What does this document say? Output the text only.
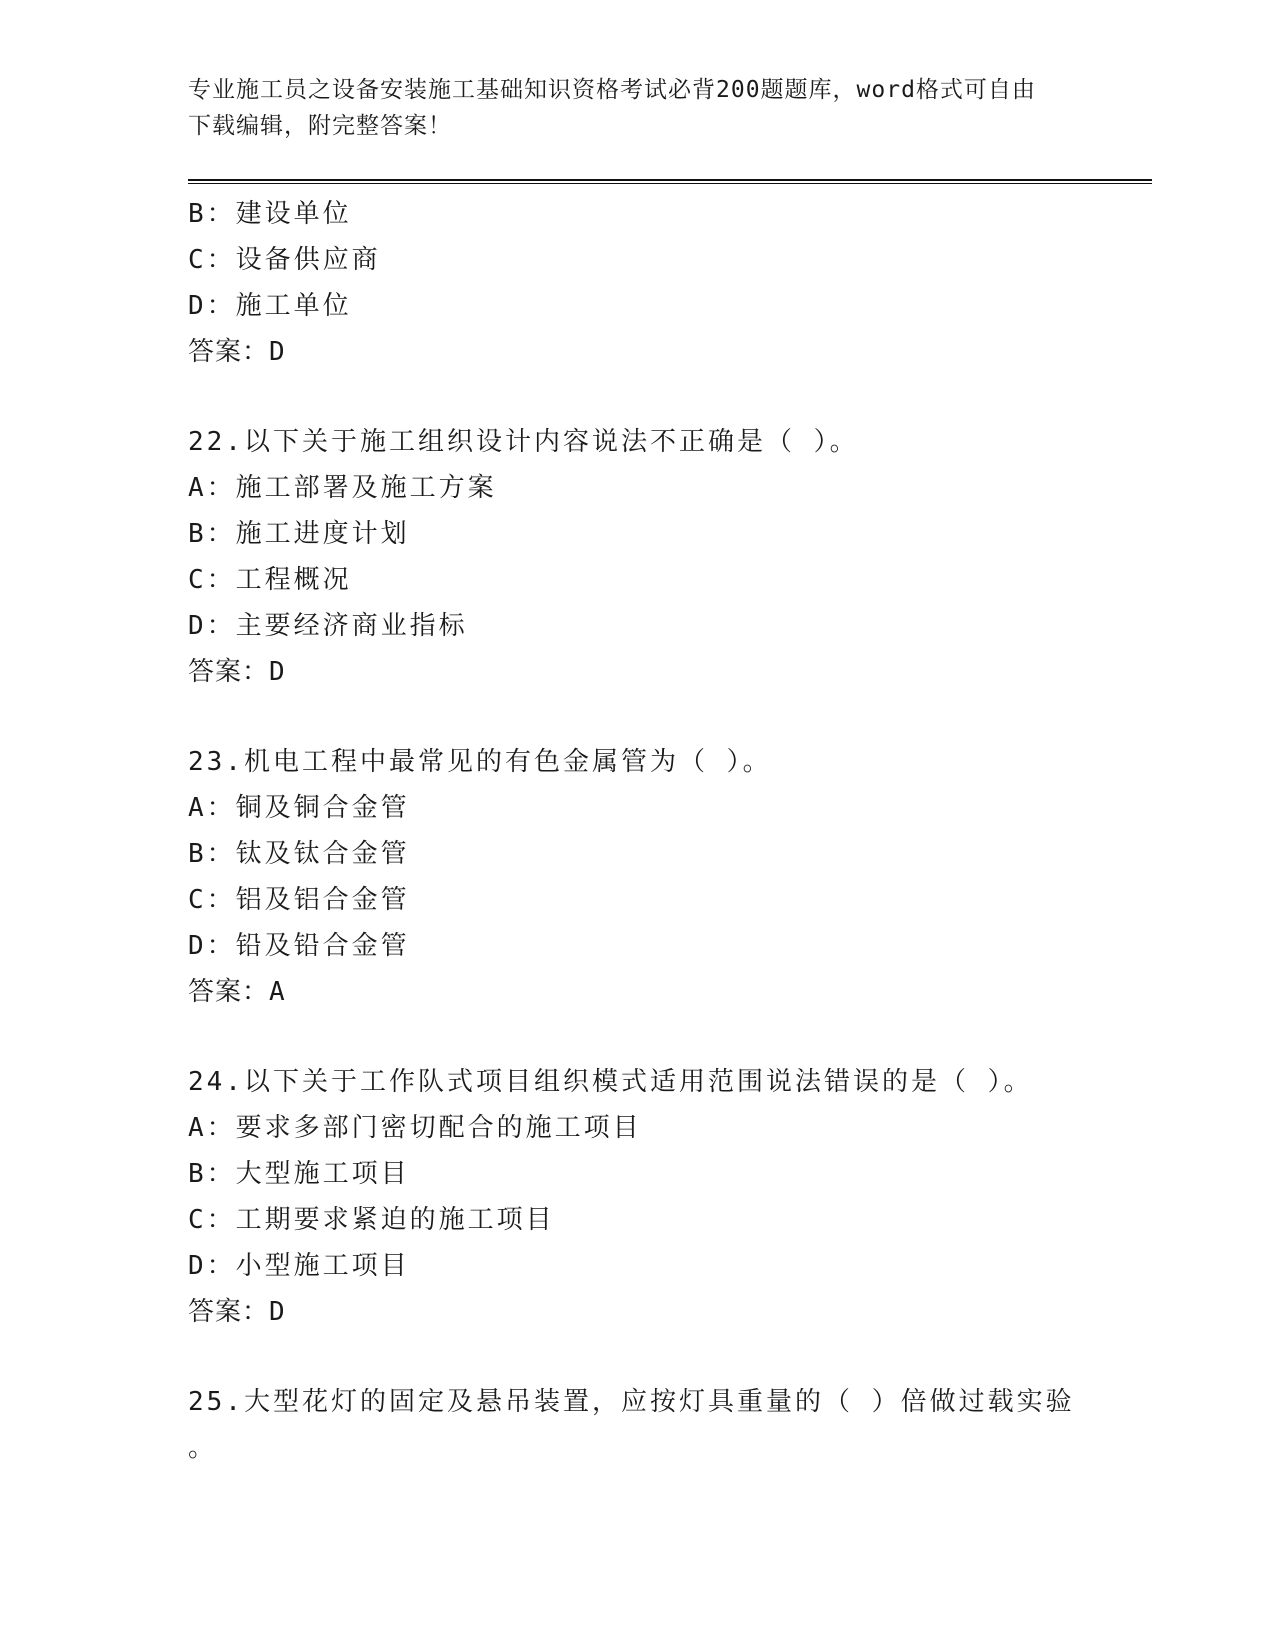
专业施工员之设备安装施工基础知识资格考试必背200题题库，word格式可自由
下载编辑，附完整答案！
B：建设单位
C：设备供应商
D：施工单位
答案：D
22.以下关于施工组织设计内容说法不正确是（ ）。
A：施工部署及施工方案
B：施工进度计划
C：工程概况
D：主要经济商业指标
答案：D
23.机电工程中最常见的有色金属管为（ ）。
A：铜及铜合金管
B：钛及钛合金管
C：铝及铝合金管
D：铅及铅合金管
答案：A
24.以下关于工作队式项目组织模式适用范围说法错误的是（ ）。
A：要求多部门密切配合的施工项目
B：大型施工项目
C：工期要求紧迫的施工项目
D：小型施工项目
答案：D
25.大型花灯的固定及悬吊装置，应按灯具重量的（ ）倍做过载实验
。
